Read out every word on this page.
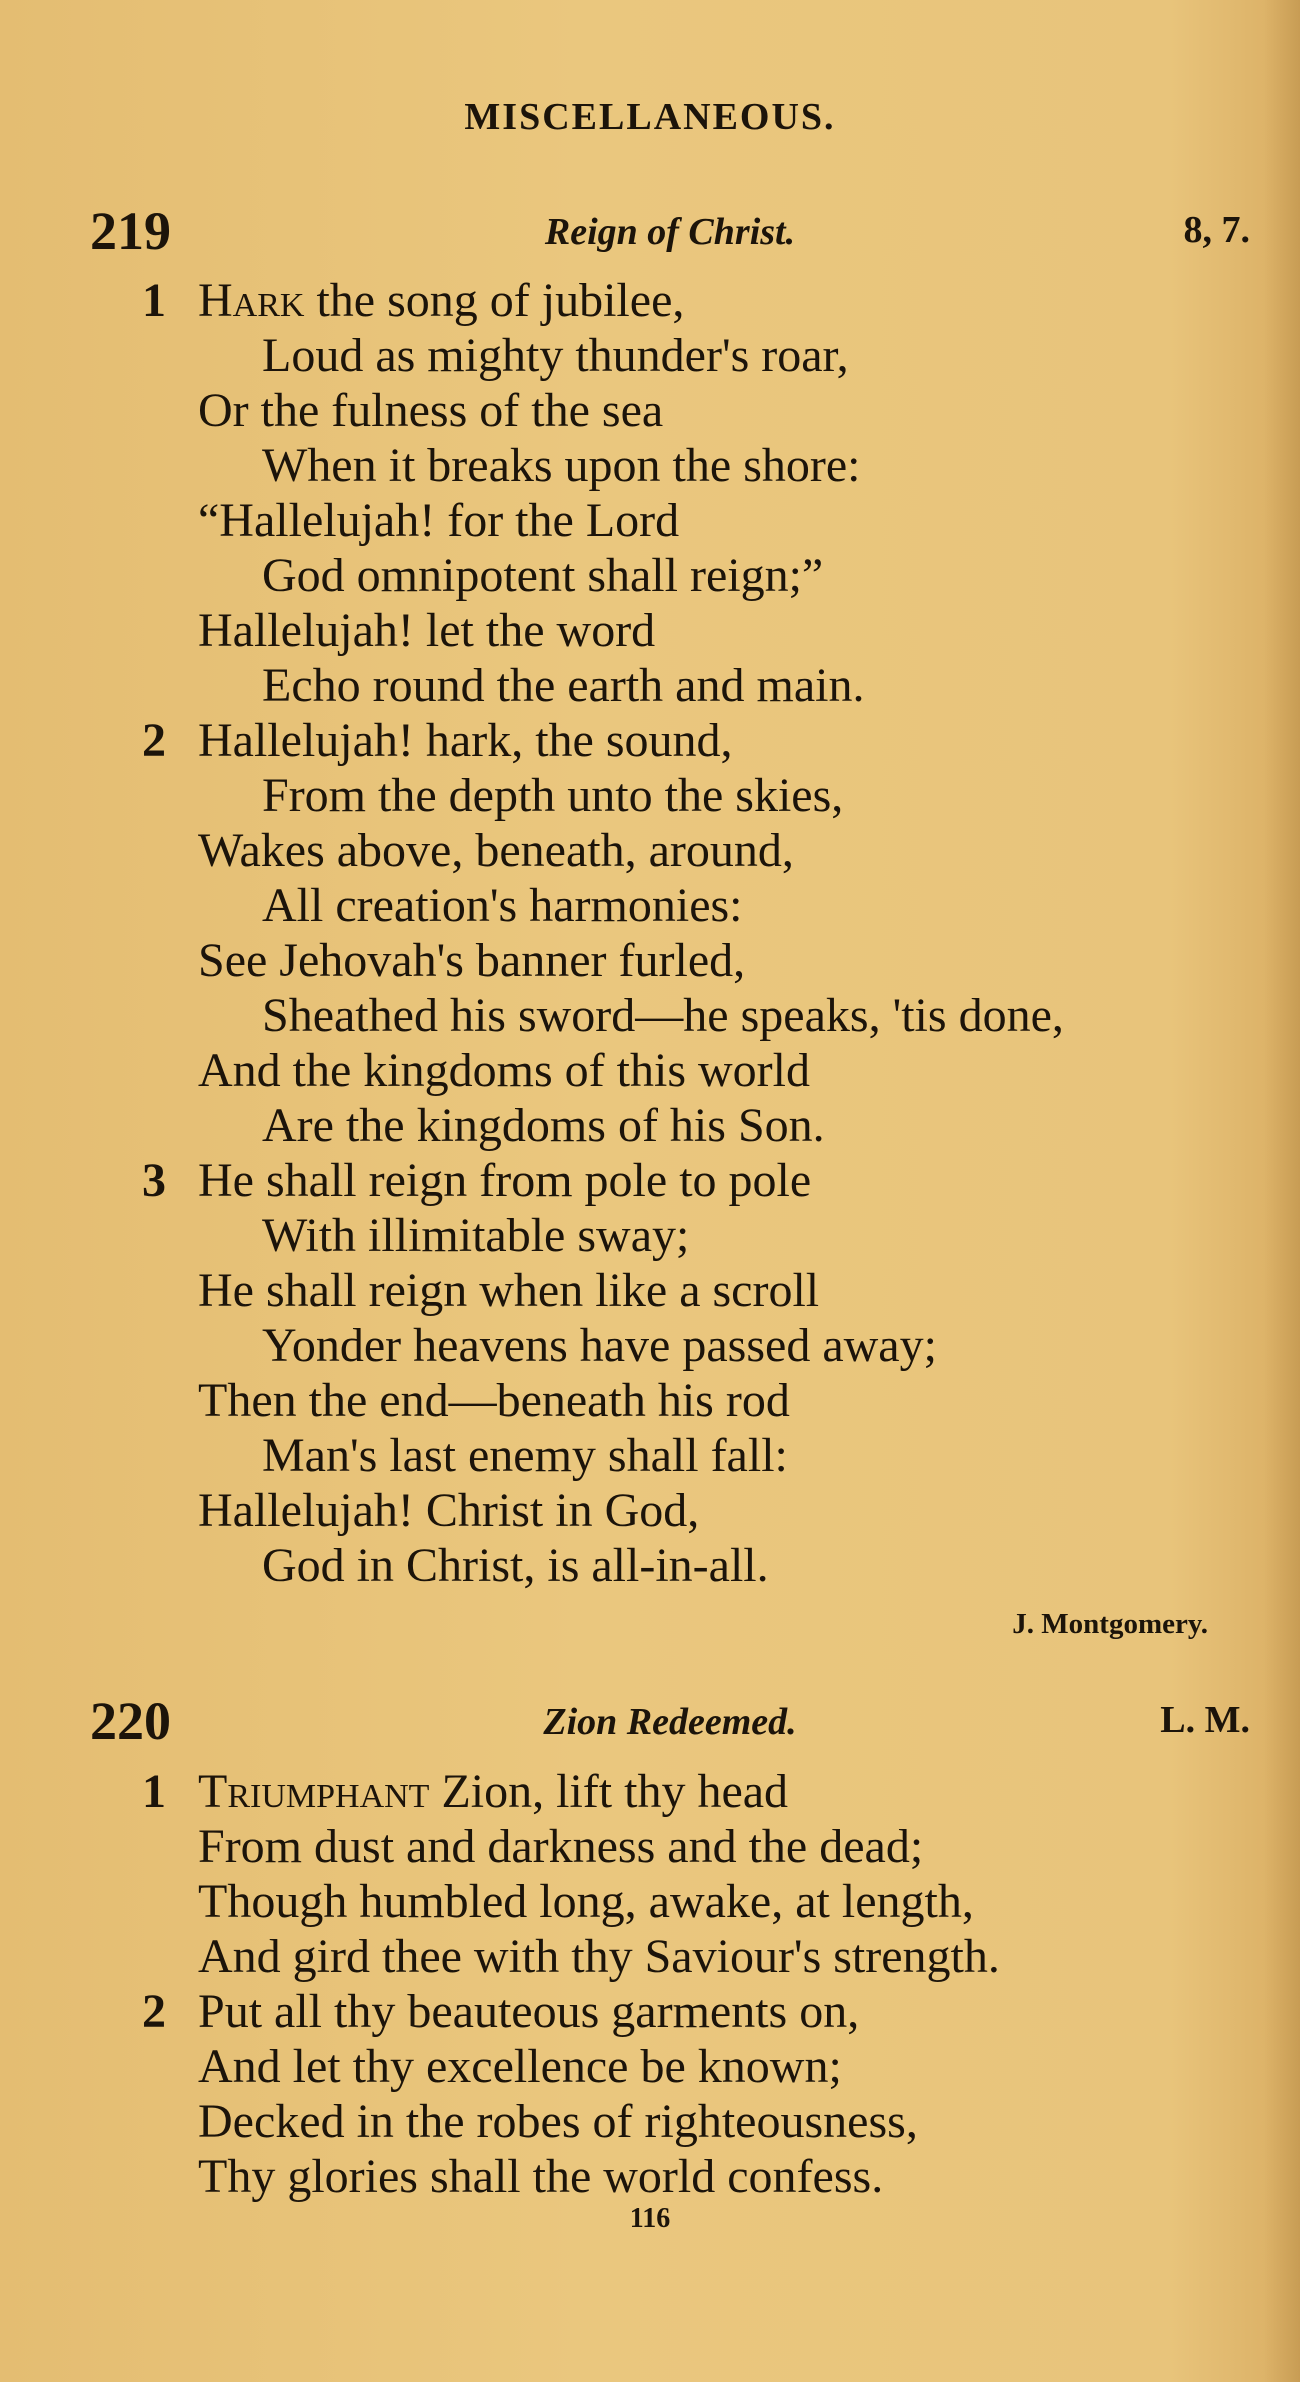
MISCELLANEOUS.
219	Reign of Christ.	8, 7.
1 Hark the song of jubilee,
Loud as mighty thunder's roar,
Or the fulness of the sea
When it breaks upon the shore:
“Hallelujah! for the Lord
God omnipotent shall reign;”
Hallelujah! let the word
Echo round the earth and main.
2 Hallelujah! hark, the sound,
From the depth unto the skies,
Wakes above, beneath, around,
All creation's harmonies:
See Jehovah's banner furled,
Sheathed his sword—he speaks, 'tis done,
And the kingdoms of this world
Are the kingdoms of his Son.
3 He shall reign from pole to pole
With illimitable sway;
He shall reign when like a scroll
Yonder heavens have passed away;
Then the end—beneath his rod
Man's last enemy shall fall:
Hallelujah! Christ in God,
God in Christ, is all-in-all.
J. Montgomery.
220	Zion Redeemed.	L. M.
1 Triumphant Zion, lift thy head
From dust and darkness and the dead;
Though humbled long, awake, at length,
And gird thee with thy Saviour's strength.
2 Put all thy beauteous garments on,
And let thy excellence be known;
Decked in the robes of righteousness,
Thy glories shall the world confess.
116
